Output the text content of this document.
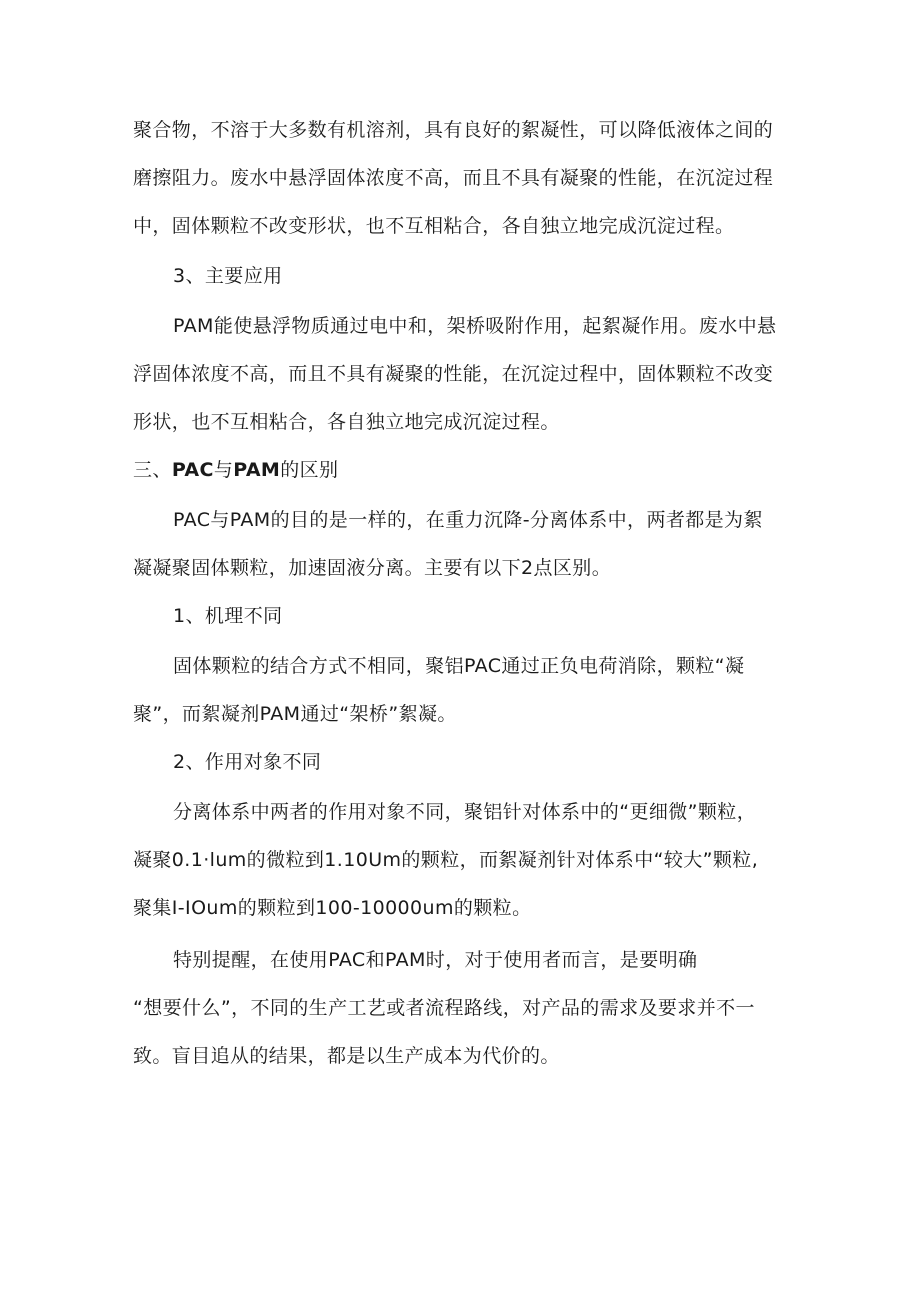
聚合物，不溶于大多数有机溶剂，具有良好的絮凝性，可以降低液体之间的
磨擦阻力。废水中悬浮固体浓度不高，而且不具有凝聚的性能，在沉淀过程
中，固体颗粒不改变形状，也不互相粘合，各自独立地完成沉淀过程。
3、主要应用
PAM能使悬浮物质通过电中和，架桥吸附作用，起絮凝作用。废水中悬
浮固体浓度不高，而且不具有凝聚的性能，在沉淀过程中，固体颗粒不改变
形状，也不互相粘合，各自独立地完成沉淀过程。
三、PAC与PAM的区别
PAC与PAM的目的是一样的，在重力沉降-分离体系中，两者都是为絮
凝凝聚固体颗粒，加速固液分离。主要有以下2点区别。
1、机理不同
固体颗粒的结合方式不相同，聚铝PAC通过正负电荷消除，颗粒“凝
聚”，而絮凝剂PAM通过“架桥”絮凝。
2、作用对象不同
分离体系中两者的作用对象不同，聚铝针对体系中的“更细微”颗粒，
凝聚0.1·lum的微粒到1.10Um的颗粒，而絮凝剂针对体系中“较大”颗粒,
聚集I-IOum的颗粒到100-10000um的颗粒。
特别提醒，在使用PAC和PAM时，对于使用者而言，是要明确
“想要什么”，不同的生产工艺或者流程路线，对产品的需求及要求并不一
致。盲目追从的结果，都是以生产成本为代价的。
